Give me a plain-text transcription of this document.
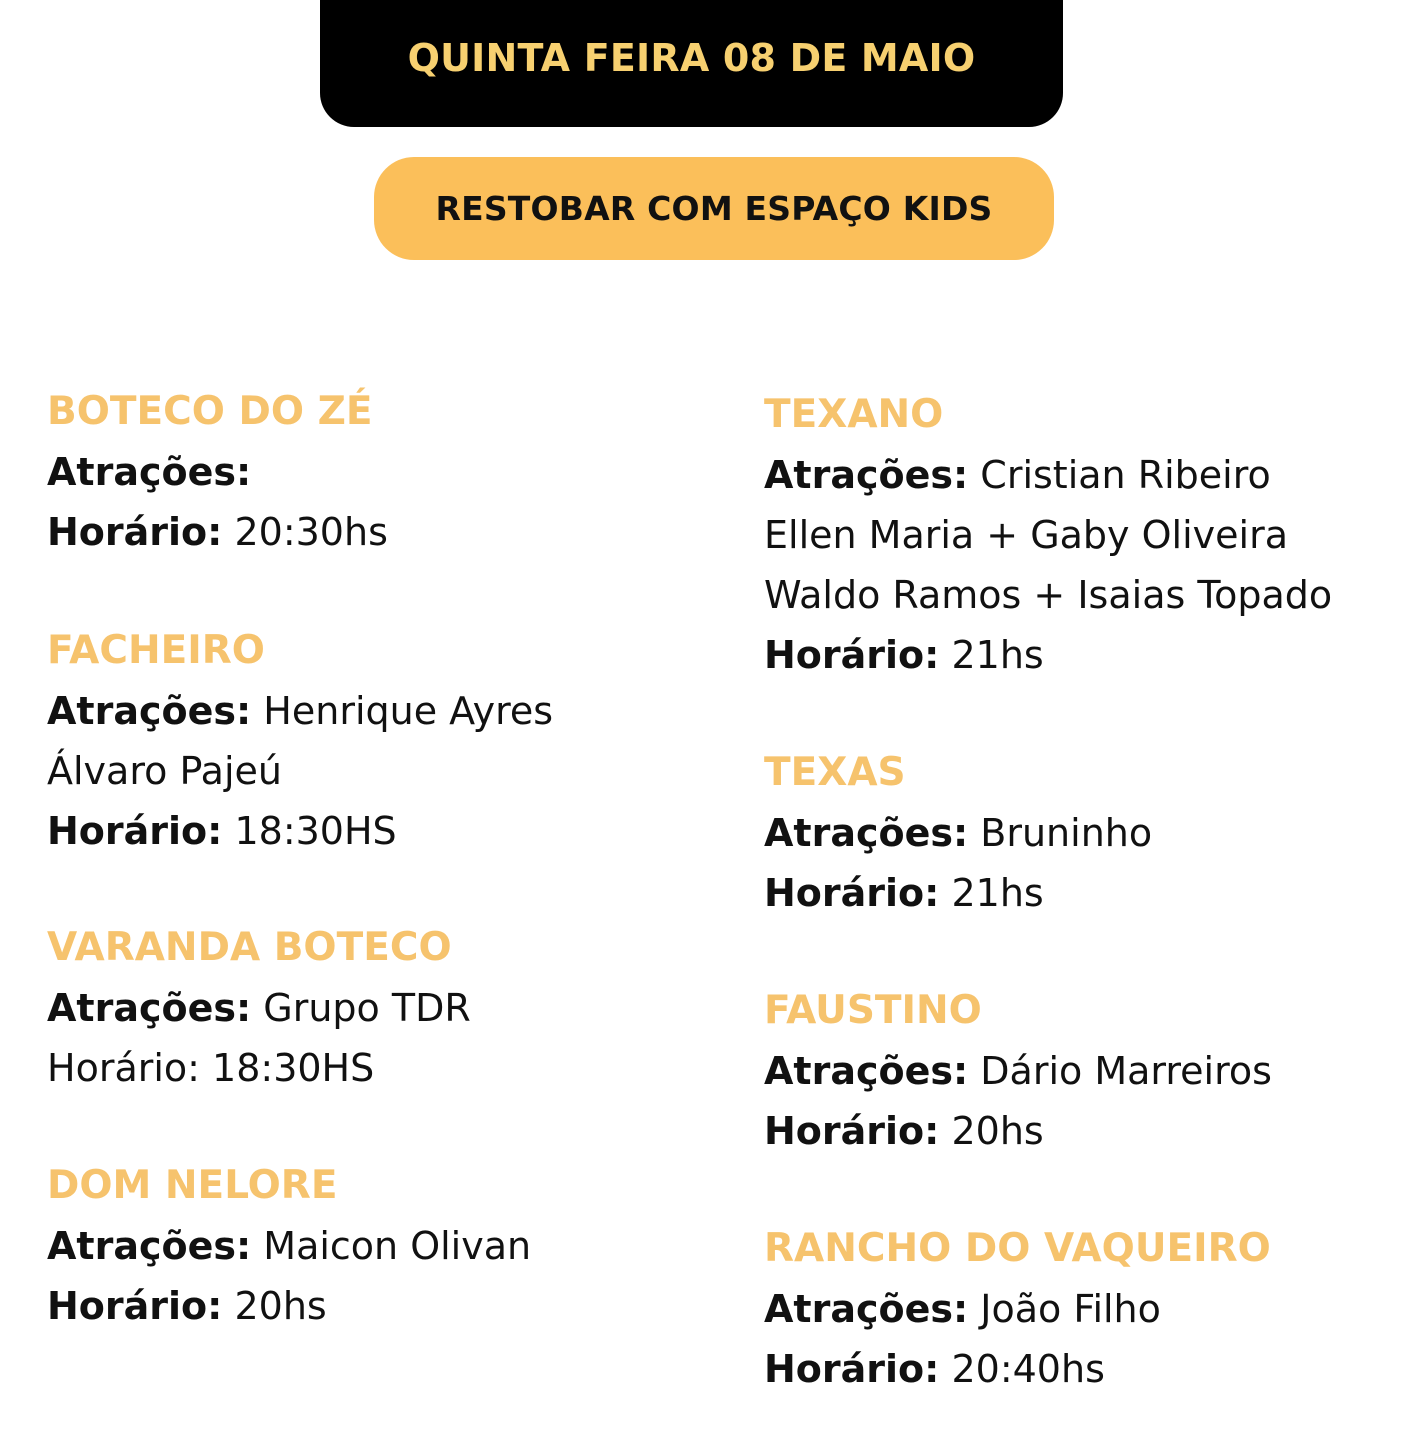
QUINTA FEIRA 08 DE MAIO
RESTOBAR COM ESPAÇO KIDS
BOTECO DO ZÉ
Atrações:
Horário: 20:30hs
FACHEIRO
Atrações: Henrique Ayres
Álvaro Pajeú
Horário: 18:30HS
VARANDA BOTECO
Atrações: Grupo TDR
Horário: 18:30HS
DOM NELORE
Atrações: Maicon Olivan
Horário: 20hs
TEXANO
Atrações: Cristian Ribeiro
Ellen Maria + Gaby Oliveira
Waldo Ramos + Isaias Topado
Horário: 21hs
TEXAS
Atrações: Bruninho
Horário: 21hs
FAUSTINO
Atrações: Dário Marreiros
Horário: 20hs
RANCHO DO VAQUEIRO
Atrações: João Filho
Horário: 20:40hs
